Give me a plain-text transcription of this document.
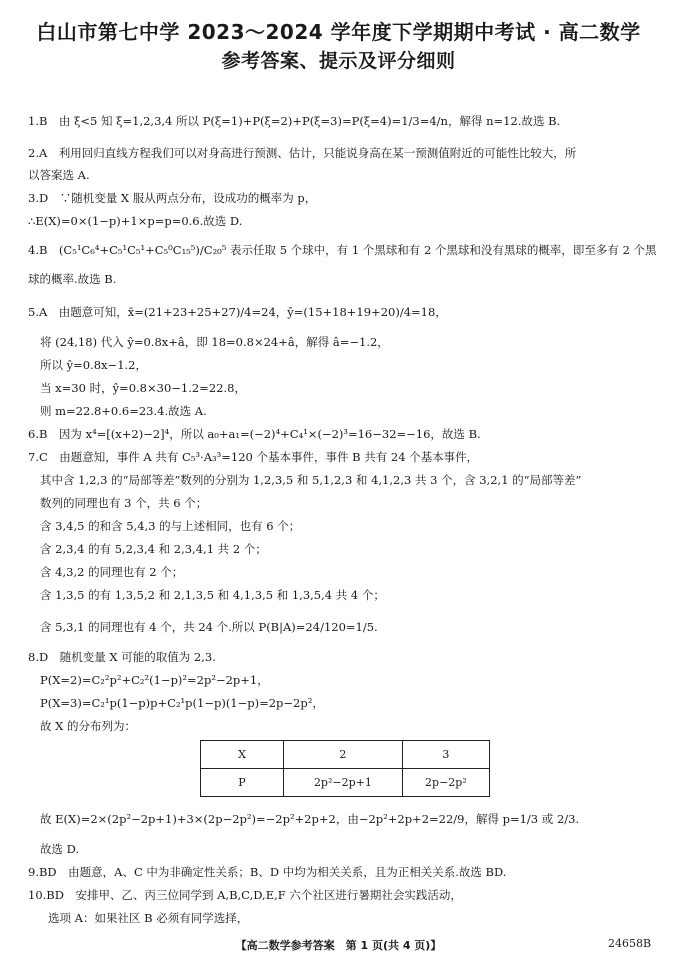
白山市第七中学 2023～2024 学年度下学期期中考试 · 高二数学
参考答案、提示及评分细则
1.B　由 ξ<5 知 ξ=1,2,3,4 所以 P(ξ=1)+P(ξ=2)+P(ξ=3)=P(ξ=4)=1/3=4/n，解得 n=12.故选 B.
2.A　利用回归直线方程我们可以对身高进行预测、估计，只能说身高在某一预测值附近的可能性比较大，所
以答案选 A.
3.D　∵随机变量 X 服从两点分布，设成功的概率为 p，
∴E(X)=0×(1−p)+1×p=p=0.6.故选 D.
4.B　(C₅¹C₆⁴+C₅¹C₅¹+C₅⁰C₁₅⁵)/C₂₀⁵ 表示任取 5 个球中，有 1 个黑球和有 2 个黑球和没有黑球的概率，即至多有 2 个黑
球的概率.故选 B.
5.A　由题意可知，x̄=(21+23+25+27)/4=24，ȳ=(15+18+19+20)/4=18，
将 (24,18) 代入 ŷ=0.8x+â，即 18=0.8×24+â，解得 â=−1.2，
所以 ŷ=0.8x−1.2，
当 x=30 时，ŷ=0.8×30−1.2=22.8，
则 m=22.8+0.6=23.4.故选 A.
6.B　因为 x⁴=[(x+2)−2]⁴，所以 a₀+a₁=(−2)⁴+C₄¹×(−2)³=16−32=−16，故选 B.
7.C　由题意知，事件 A 共有 C₅³·A₃³=120 个基本事件，事件 B 共有 24 个基本事件，
其中含 1,2,3 的“局部等差”数列的分别为 1,2,3,5 和 5,1,2,3 和 4,1,2,3 共 3 个，含 3,2,1 的“局部等差”
数列的同理也有 3 个，共 6 个；
含 3,4,5 的和含 5,4,3 的与上述相同，也有 6 个；
含 2,3,4 的有 5,2,3,4 和 2,3,4,1 共 2 个；
含 4,3,2 的同理也有 2 个；
含 1,3,5 的有 1,3,5,2 和 2,1,3,5 和 4,1,3,5 和 1,3,5,4 共 4 个；
含 5,3,1 的同理也有 4 个，共 24 个.所以 P(B|A)=24/120=1/5.
8.D　随机变量 X 可能的取值为 2,3.
P(X=2)=C₂²p²+C₂²(1−p)²=2p²−2p+1，
P(X=3)=C₂¹p(1−p)p+C₂¹p(1−p)(1−p)=2p−2p²，
故 X 的分布列为：
X	2	3
P	2p²−2p+1	2p−2p²
故 E(X)=2×(2p²−2p+1)+3×(2p−2p²)=−2p²+2p+2，由−2p²+2p+2=22/9，解得 p=1/3 或 2/3.
故选 D.
9.BD　由题意，A、C 中为非确定性关系；B、D 中均为相关关系，且为正相关关系.故选 BD.
10.BD　安排甲、乙、丙三位同学到 A,B,C,D,E,F 六个社区进行暑期社会实践活动，
选项 A：如果社区 B 必须有同学选择，
【高二数学参考答案　第 1 页(共 4 页)】	24658B
